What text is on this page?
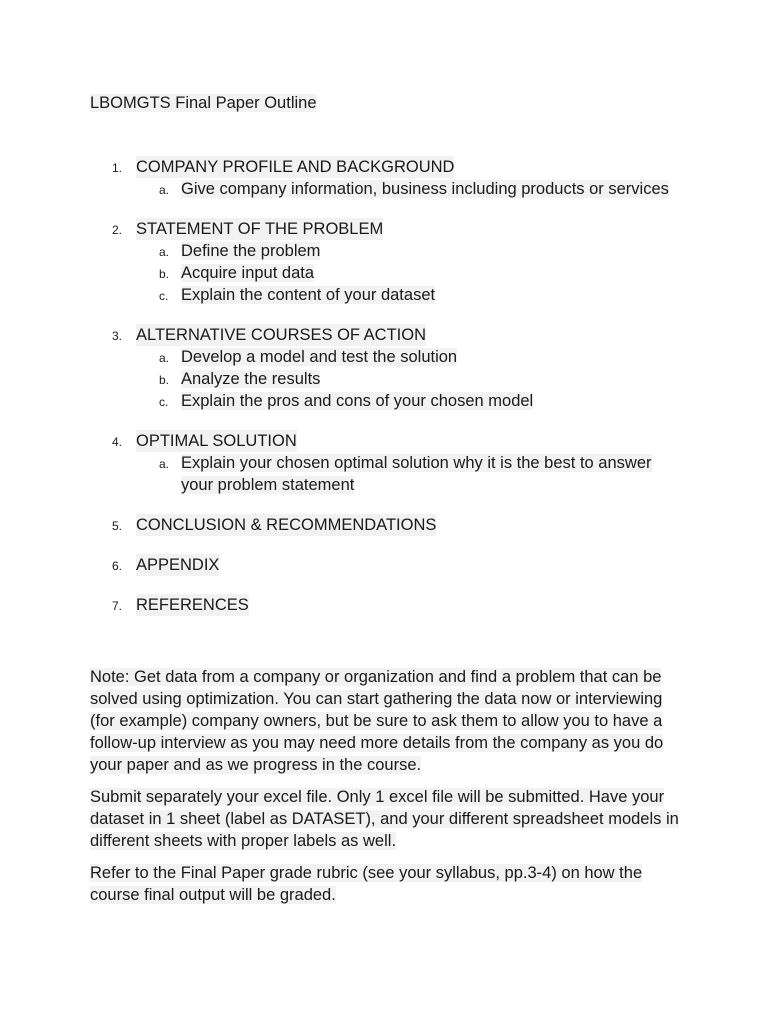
LBOMGTS Final Paper Outline
1. COMPANY PROFILE AND BACKGROUND
a. Give company information, business including products or services
2. STATEMENT OF THE PROBLEM
a. Define the problem
b. Acquire input data
c. Explain the content of your dataset
3. ALTERNATIVE COURSES OF ACTION
a. Develop a model and test the solution
b. Analyze the results
c. Explain the pros and cons of your chosen model
4. OPTIMAL SOLUTION
a. Explain your chosen optimal solution why it is the best to answer your problem statement
5. CONCLUSION & RECOMMENDATIONS
6. APPENDIX
7. REFERENCES

Note: Get data from a company or organization and find a problem that can be solved using optimization. You can start gathering the data now or interviewing (for example) company owners, but be sure to ask them to allow you to have a follow-up interview as you may need more details from the company as you do your paper and as we progress in the course.

Submit separately your excel file. Only 1 excel file will be submitted. Have your dataset in 1 sheet (label as DATASET), and your different spreadsheet models in different sheets with proper labels as well.

Refer to the Final Paper grade rubric (see your syllabus, pp.3-4) on how the course final output will be graded.
